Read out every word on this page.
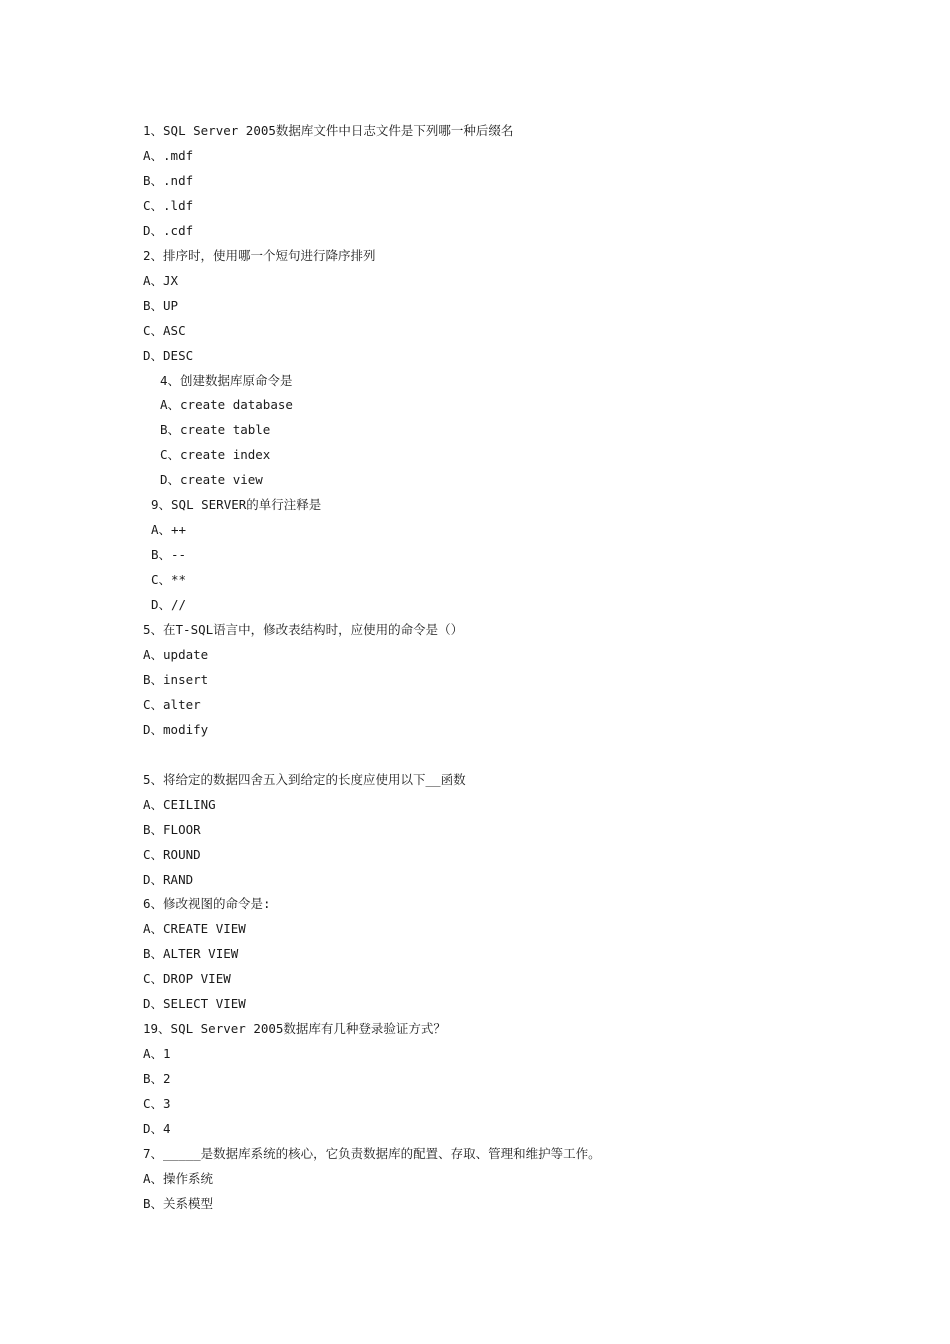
1、SQL Server 2005数据库文件中日志文件是下列哪一种后缀名
A、.mdf
B、.ndf
C、.ldf
D、.cdf
2、排序时，使用哪一个短句进行降序排列
A、JX
B、UP
C、ASC
D、DESC
4、创建数据库原命令是
A、create database
B、create table
C、create index
D、create view
9、SQL SERVER的单行注释是
A、++
B、--
C、**
D、//
5、在T-SQL语言中，修改表结构时，应使用的命令是（）
A、update
B、insert
C、alter
D、modify
5、将给定的数据四舍五入到给定的长度应使用以下__函数
A、CEILING
B、FLOOR
C、ROUND
D、RAND
6、修改视图的命令是:
A、CREATE VIEW
B、ALTER VIEW
C、DROP VIEW
D、SELECT VIEW
19、SQL Server 2005数据库有几种登录验证方式？
A、1
B、2
C、3
D、4
7、_____是数据库系统的核心，它负责数据库的配置、存取、管理和维护等工作。
A、操作系统
B、关系模型
